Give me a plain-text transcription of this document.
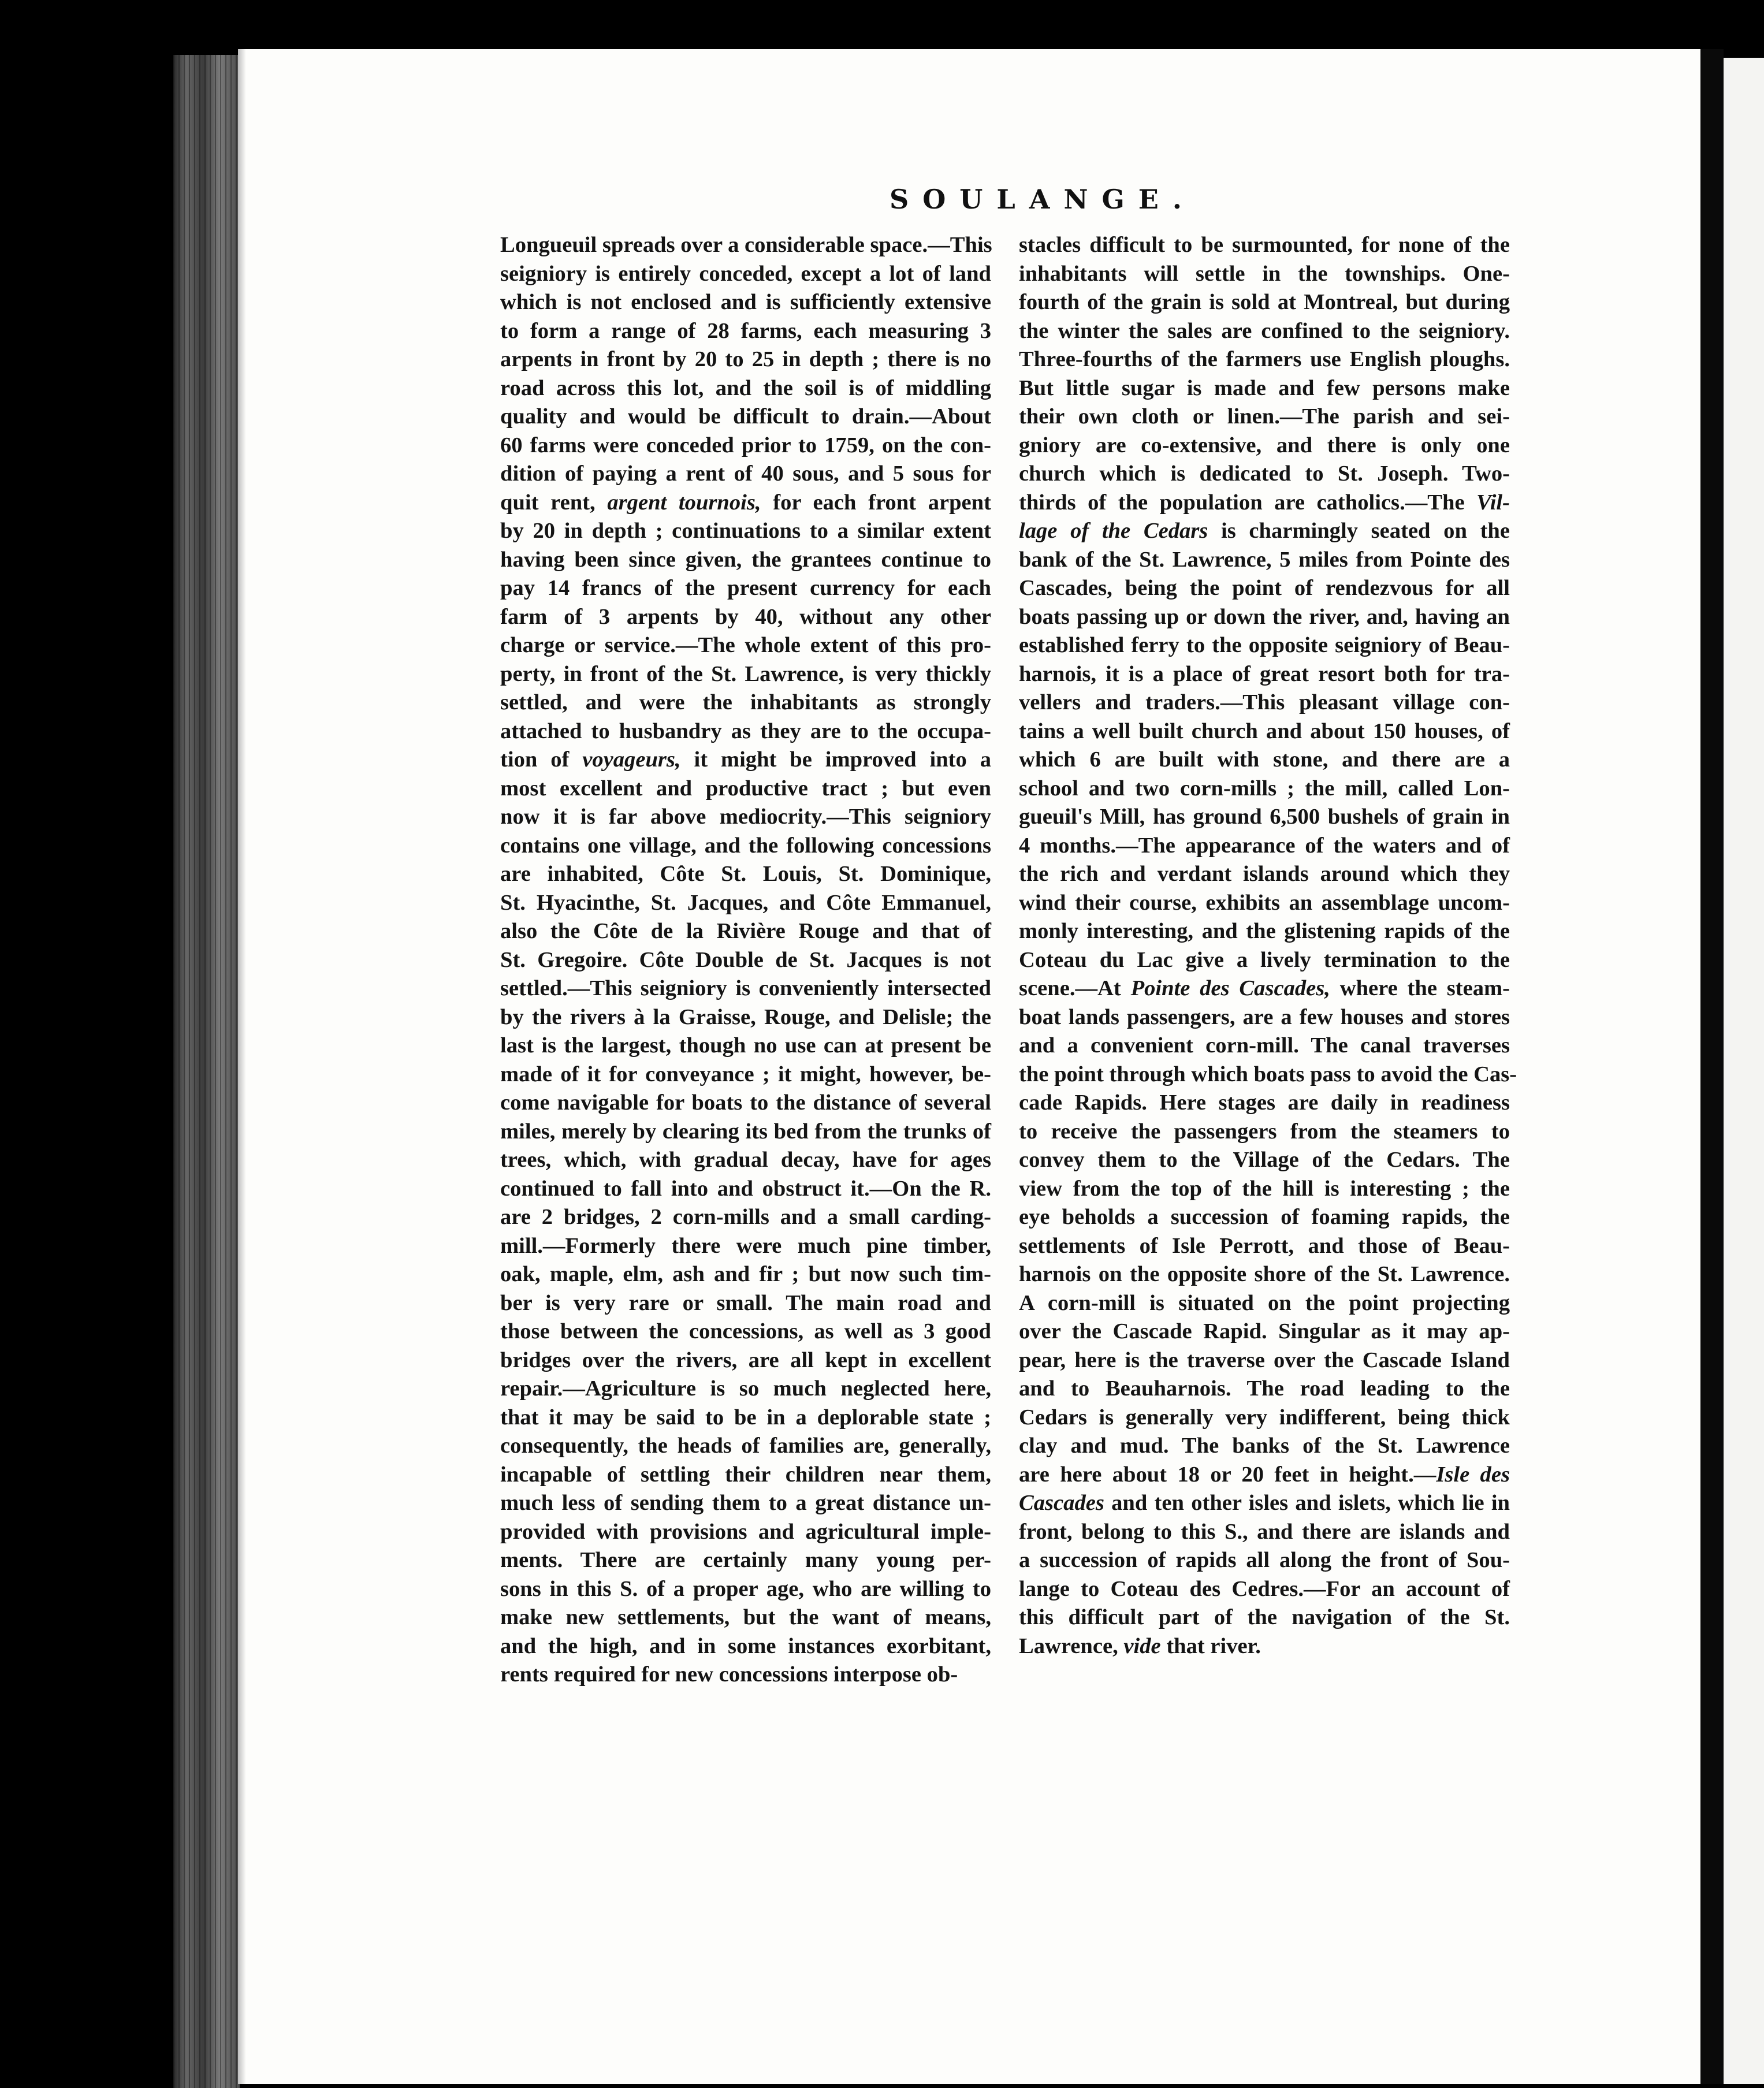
SOULANGE.
Longueuil spreads over a considerable space.—This
seigniory is entirely conceded, except a lot of land
which is not enclosed and is sufficiently extensive
to form a range of 28 farms, each measuring 3
arpents in front by 20 to 25 in depth ; there is no
road across this lot, and the soil is of middling
quality and would be difficult to drain.—About
60 farms were conceded prior to 1759, on the con-
dition of paying a rent of 40 sous, and 5 sous for
quit rent, argent tournois, for each front arpent
by 20 in depth ; continuations to a similar extent
having been since given, the grantees continue to
pay 14 francs of the present currency for each
farm of 3 arpents by 40, without any other
charge or service.—The whole extent of this pro-
perty, in front of the St. Lawrence, is very thickly
settled, and were the inhabitants as strongly
attached to husbandry as they are to the occupa-
tion of voyageurs, it might be improved into a
most excellent and productive tract ; but even
now it is far above mediocrity.—This seigniory
contains one village, and the following concessions
are inhabited, Côte St. Louis, St. Dominique,
St. Hyacinthe, St. Jacques, and Côte Emmanuel,
also the Côte de la Rivière Rouge and that of
St. Gregoire. Côte Double de St. Jacques is not
settled.—This seigniory is conveniently intersected
by the rivers à la Graisse, Rouge, and Delisle; the
last is the largest, though no use can at present be
made of it for conveyance ; it might, however, be-
come navigable for boats to the distance of several
miles, merely by clearing its bed from the trunks of
trees, which, with gradual decay, have for ages
continued to fall into and obstruct it.—On the R.
are 2 bridges, 2 corn-mills and a small carding-
mill.—Formerly there were much pine timber,
oak, maple, elm, ash and fir ; but now such tim-
ber is very rare or small. The main road and
those between the concessions, as well as 3 good
bridges over the rivers, are all kept in excellent
repair.—Agriculture is so much neglected here,
that it may be said to be in a deplorable state ;
consequently, the heads of families are, generally,
incapable of settling their children near them,
much less of sending them to a great distance un-
provided with provisions and agricultural imple-
ments. There are certainly many young per-
sons in this S. of a proper age, who are willing to
make new settlements, but the want of means,
and the high, and in some instances exorbitant,
rents required for new concessions interpose ob-
stacles difficult to be surmounted, for none of the
inhabitants will settle in the townships. One-
fourth of the grain is sold at Montreal, but during
the winter the sales are confined to the seigniory.
Three-fourths of the farmers use English ploughs.
But little sugar is made and few persons make
their own cloth or linen.—The parish and sei-
gniory are co-extensive, and there is only one
church which is dedicated to St. Joseph. Two-
thirds of the population are catholics.—The Vil-
lage of the Cedars is charmingly seated on the
bank of the St. Lawrence, 5 miles from Pointe des
Cascades, being the point of rendezvous for all
boats passing up or down the river, and, having an
established ferry to the opposite seigniory of Beau-
harnois, it is a place of great resort both for tra-
vellers and traders.—This pleasant village con-
tains a well built church and about 150 houses, of
which 6 are built with stone, and there are a
school and two corn-mills ; the mill, called Lon-
gueuil's Mill, has ground 6,500 bushels of grain in
4 months.—The appearance of the waters and of
the rich and verdant islands around which they
wind their course, exhibits an assemblage uncom-
monly interesting, and the glistening rapids of the
Coteau du Lac give a lively termination to the
scene.—At Pointe des Cascades, where the steam-
boat lands passengers, are a few houses and stores
and a convenient corn-mill. The canal traverses
the point through which boats pass to avoid the Cas-
cade Rapids. Here stages are daily in readiness
to receive the passengers from the steamers to
convey them to the Village of the Cedars. The
view from the top of the hill is interesting ; the
eye beholds a succession of foaming rapids, the
settlements of Isle Perrott, and those of Beau-
harnois on the opposite shore of the St. Lawrence.
A corn-mill is situated on the point projecting
over the Cascade Rapid. Singular as it may ap-
pear, here is the traverse over the Cascade Island
and to Beauharnois. The road leading to the
Cedars is generally very indifferent, being thick
clay and mud. The banks of the St. Lawrence
are here about 18 or 20 feet in height.—Isle des
Cascades and ten other isles and islets, which lie in
front, belong to this S., and there are islands and
a succession of rapids all along the front of Sou-
lange to Coteau des Cedres.—For an account of
this difficult part of the navigation of the St.
Lawrence, vide that river.
